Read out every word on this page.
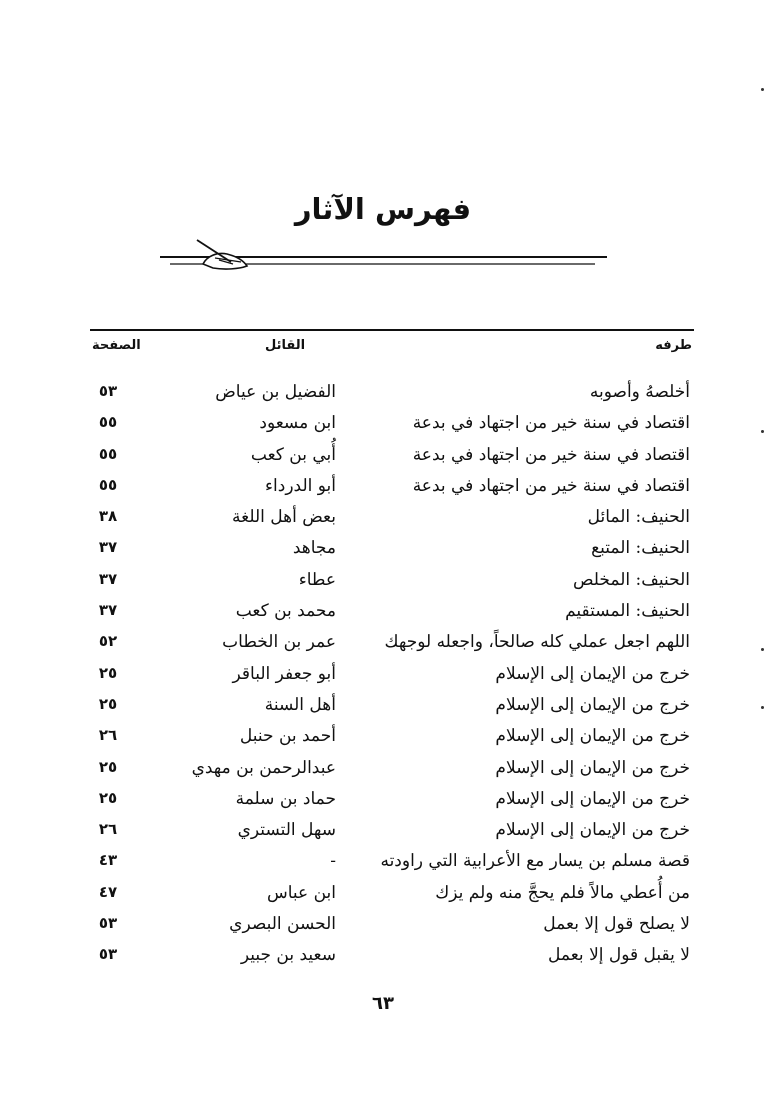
فهرس الآثار
طرفه
القائل
الصفحة
أخلصهُ وأصوبه
الفضيل بن عياض
٥٣
اقتصاد في سنة خير من اجتهاد في بدعة
ابن مسعود
٥٥
اقتصاد في سنة خير من اجتهاد في بدعة
أُبي بن كعب
٥٥
اقتصاد في سنة خير من اجتهاد في بدعة
أبو الدرداء
٥٥
الحنيف: المائل
بعض أهل اللغة
٣٨
الحنيف: المتبع
مجاهد
٣٧
الحنيف: المخلص
عطاء
٣٧
الحنيف: المستقيم
محمد بن كعب
٣٧
اللهم اجعل عملي كله صالحاً، واجعله لوجهك
عمر بن الخطاب
٥٢
خرج من الإيمان إلى الإسلام
أبو جعفر الباقر
٢٥
خرج من الإيمان إلى الإسلام
أهل السنة
٢٥
خرج من الإيمان إلى الإسلام
أحمد بن حنبل
٢٦
خرج من الإيمان إلى الإسلام
عبدالرحمن بن مهدي
٢٥
خرج من الإيمان إلى الإسلام
حماد بن سلمة
٢٥
خرج من الإيمان إلى الإسلام
سهل التستري
٢٦
قصة مسلم بن يسار مع الأعرابية التي راودته
-
٤٣
من أُعطي مالاً فلم يحجَّ منه ولم يزك
ابن عباس
٤٧
لا يصلح قول إلا بعمل
الحسن البصري
٥٣
لا يقبل قول إلا بعمل
سعيد بن جبير
٥٣
٦٣
